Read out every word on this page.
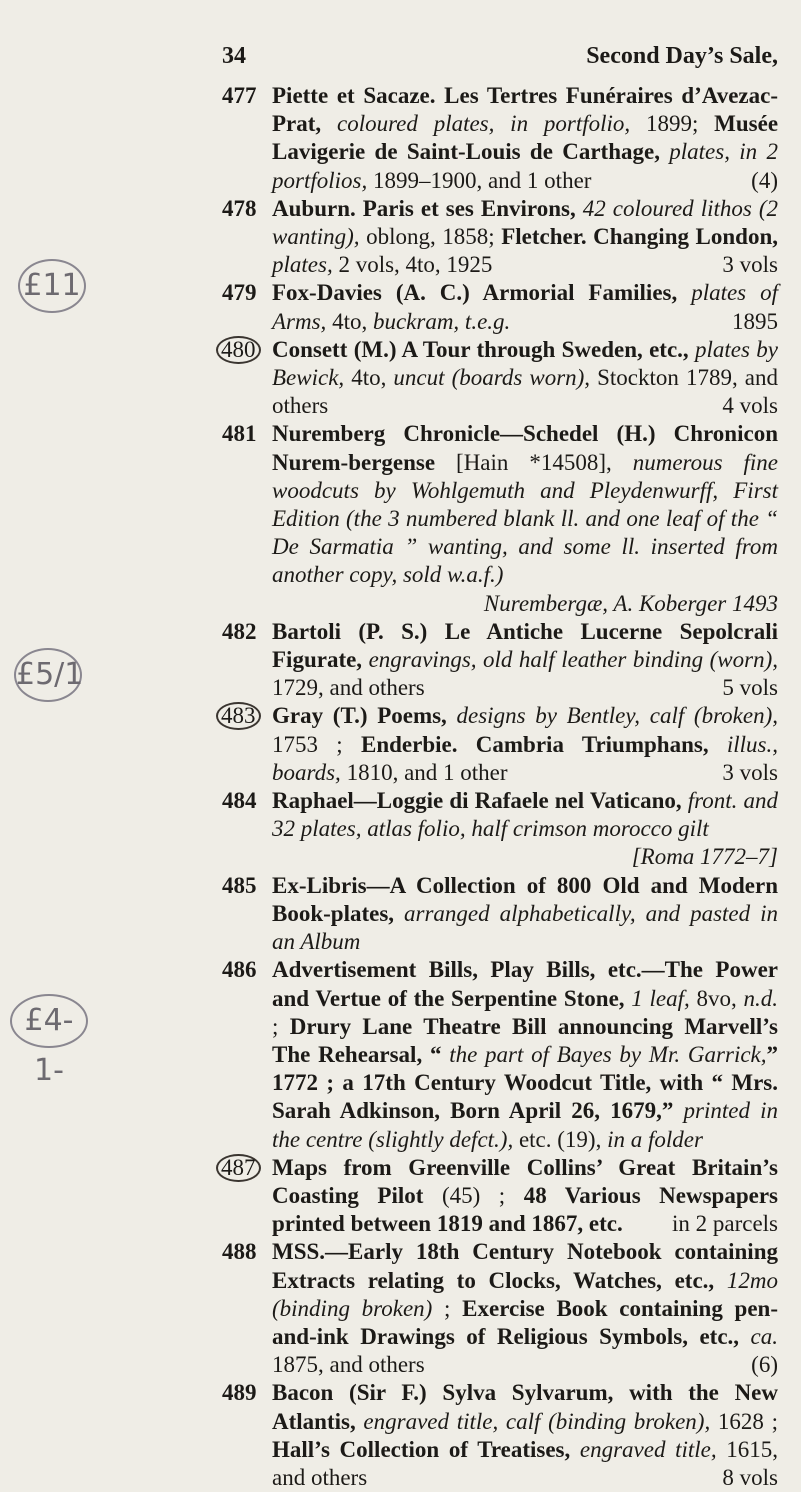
34	Second Day’s Sale,
£11
£5/1
£4-1-
477 Piette et Sacaze. Les Tertres Funéraires d’Avezac-Prat, coloured plates, in portfolio, 1899; Musée Lavigerie de Saint-Louis de Carthage, plates, in 2 portfolios, 1899–1900, and 1 other	(4)
478 Auburn. Paris et ses Environs, 42 coloured lithos (2 wanting), oblong, 1858; Fletcher. Changing London, plates, 2 vols, 4to, 1925	3 vols
479 Fox-Davies (A. C.) Armorial Families, plates of Arms, 4to, buckram, t.e.g.	1895
480 Consett (M.) A Tour through Sweden, etc., plates by Bewick, 4to, uncut (boards worn), Stockton 1789, and others	4 vols
481 Nuremberg Chronicle—Schedel (H.) Chronicon Nurem-bergense [Hain *14508], numerous fine woodcuts by Wohlgemuth and Pleydenwurff, First Edition (the 3 numbered blank ll. and one leaf of the “ De Sarmatia ” wanting, and some ll. inserted from another copy, sold w.a.f.)
Nurembergæ, A. Koberger 1493
482 Bartoli (P. S.) Le Antiche Lucerne Sepolcrali Figurate, engravings, old half leather binding (worn), 1729, and others	5 vols
483 Gray (T.) Poems, designs by Bentley, calf (broken), 1753 ; Enderbie. Cambria Triumphans, illus., boards, 1810, and 1 other	3 vols
484 Raphael—Loggie di Rafaele nel Vaticano, front. and 32 plates, atlas folio, half crimson morocco gilt
[Roma 1772–7]
485 Ex-Libris—A Collection of 800 Old and Modern Book-plates, arranged alphabetically, and pasted in an Album
486 Advertisement Bills, Play Bills, etc.—The Power and Vertue of the Serpentine Stone, 1 leaf, 8vo, n.d. ; Drury Lane Theatre Bill announcing Marvell’s The Rehearsal, “ the part of Bayes by Mr. Garrick,” 1772 ; a 17th Century Woodcut Title, with “ Mrs. Sarah Adkinson, Born April 26, 1679,” printed in the centre (slightly defct.), etc. (19), in a folder
487 Maps from Greenville Collins’ Great Britain’s Coasting Pilot (45) ; 48 Various Newspapers printed between 1819 and 1867, etc. in 2 parcels
488 MSS.—Early 18th Century Notebook containing Extracts relating to Clocks, Watches, etc., 12mo (binding broken) ; Exercise Book containing pen-and-ink Drawings of Religious Symbols, etc., ca. 1875, and others	(6)
489 Bacon (Sir F.) Sylva Sylvarum, with the New Atlantis, engraved title, calf (binding broken), 1628 ; Hall’s Collection of Treatises, engraved title, 1615, and others	8 vols
